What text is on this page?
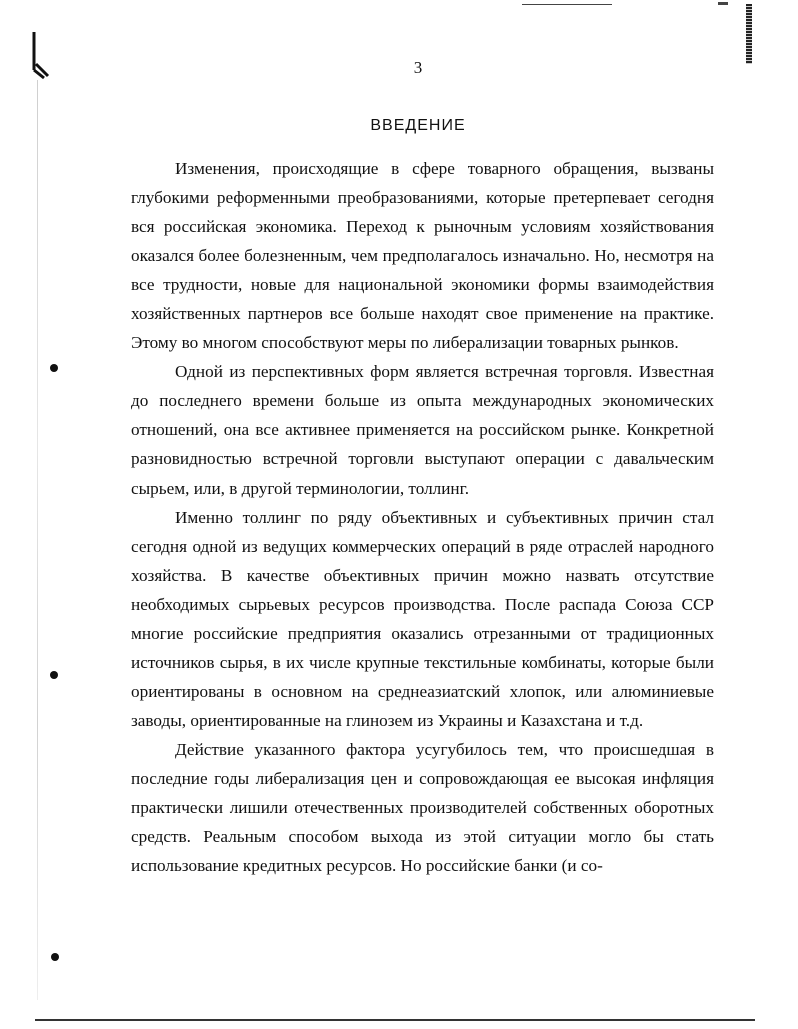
3
ВВЕДЕНИЕ

Изменения, происходящие в сфере товарного обращения, вызваны глубокими реформенными преобразованиями, которые претерпевает сегодня вся российская экономика. Переход к рыночным условиям хозяйствования оказался более болезненным, чем предполагалось изначально. Но, несмотря на все трудности, новые для национальной экономики формы взаимодействия хозяйственных партнеров все больше находят свое применение на практике. Этому во многом способствуют меры по либерализации товарных рынков.

Одной из перспективных форм является встречная торговля. Известная до последнего времени больше из опыта международных экономических отношений, она все активнее применяется на российском рынке. Конкретной разновидностью встречной торговли выступают операции с давальческим сырьем, или, в другой терминологии, толлинг.

Именно толлинг по ряду объективных и субъективных причин стал сегодня одной из ведущих коммерческих операций в ряде отраслей народного хозяйства. В качестве объективных причин можно назвать отсутствие необходимых сырьевых ресурсов производства. После распада Союза ССР многие российские предприятия оказались отрезанными от традиционных источников сырья, в их числе крупные текстильные комбинаты, которые были ориентированы в основном на среднеазиатский хлопок, или алюминиевые заводы, ориентированные на глинозем из Украины и Казахстана и т.д.

Действие указанного фактора усугубилось тем, что происшедшая в последние годы либерализация цен и сопровождающая ее высокая инфляция практически лишили отечественных производителей собственных оборотных средств. Реальным способом выхода из этой ситуации могло бы стать использование кредитных ресурсов. Но российские банки (и со-
